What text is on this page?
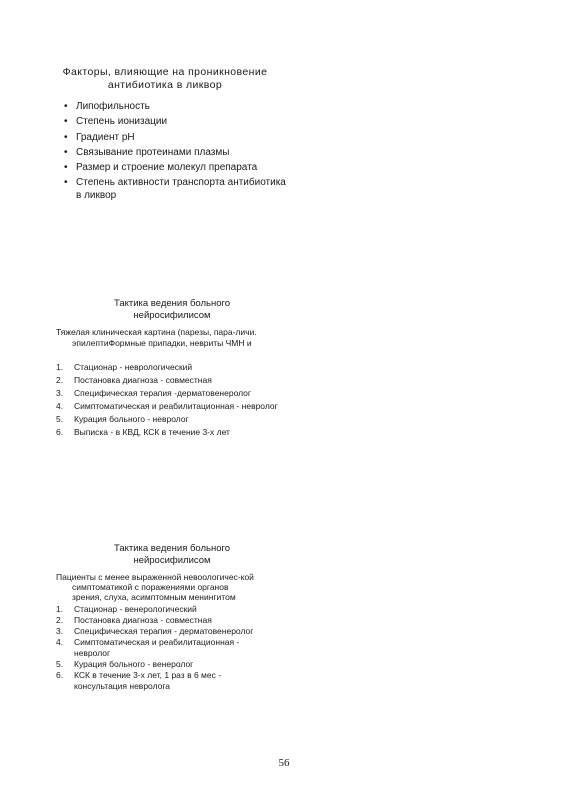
Факторы, влияющие на проникновение антибиотика в ликвор
• Липофильность
• Степень ионизации
• Градиент pH
• Связывание протеинами плазмы
• Размер и строение молекул препарата
• Степень активности транспорта антибиотика в ликвор
Тактика ведения больного нейросифилисом
Тяжелая клиническая картина (парезы, пара-личи.
эпилептиФормные припадки, невриты ЧМН и
1. Стационар - неврологический
2. Постановка диагноза - совместная
3. Специфическая терапия -дерматовенеролог
4. Симптоматическая и реабилитационная - невролог
5. Курация больного - невролог
6. Выписка - в КВД, КСК в течение 3-х лет
Тактика ведения больного нейросифилисом
Пациенты с менее выраженной невоологичес-кой
симптоматикой с поражениями органов зрения, слуха, асимптомным менингитом
1. Стационар - венерологический
2. Постановка диагноза - совместная
3. Специфическая терапия - дерматовенеролог
4. Симптоматическая и реабилитационная - невролог
5. Курация больного - венеролог
6. КСК в течение 3-х лет, 1 раз в 6 мес - консультация невролога
56
